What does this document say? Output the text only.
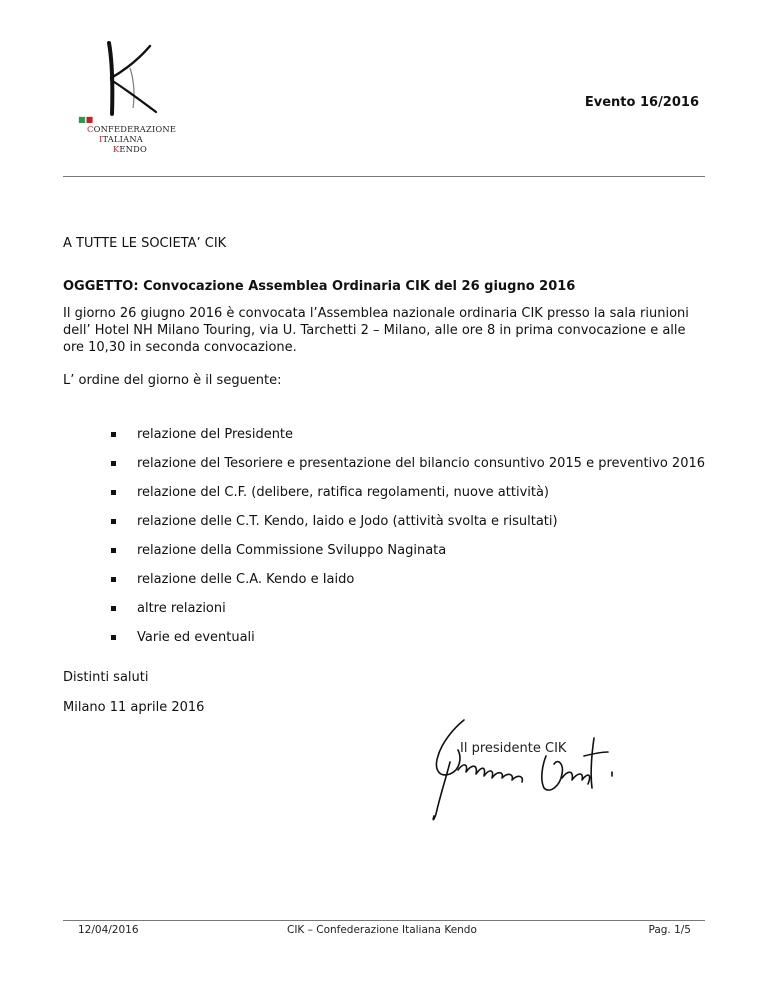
■■
CONFEDERAZIONE
ITALIANA
KENDO
Evento 16/2016
A TUTTE LE SOCIETA’ CIK
OGGETTO: Convocazione Assemblea Ordinaria CIK del 26 giugno 2016
Il giorno 26 giugno 2016 è convocata l’Assemblea nazionale ordinaria CIK presso la sala riunioni dell’ Hotel NH Milano Touring, via U. Tarchetti 2 – Milano, alle ore 8 in prima convocazione e alle ore 10,30 in seconda convocazione.
L’ ordine del giorno è il seguente:
relazione del Presidente
relazione del Tesoriere e presentazione del bilancio consuntivo 2015 e preventivo 2016
relazione del C.F. (delibere, ratifica regolamenti, nuove attività)
relazione delle C.T. Kendo, Iaido e Jodo (attività svolta e risultati)
relazione della Commissione Sviluppo Naginata
relazione delle C.A. Kendo e Iaido
altre relazioni
Varie ed eventuali
Distinti saluti
Milano 11 aprile 2016
Il presidente CIK
12/04/2016	CIK – Confederazione Italiana Kendo	Pag. 1/5
